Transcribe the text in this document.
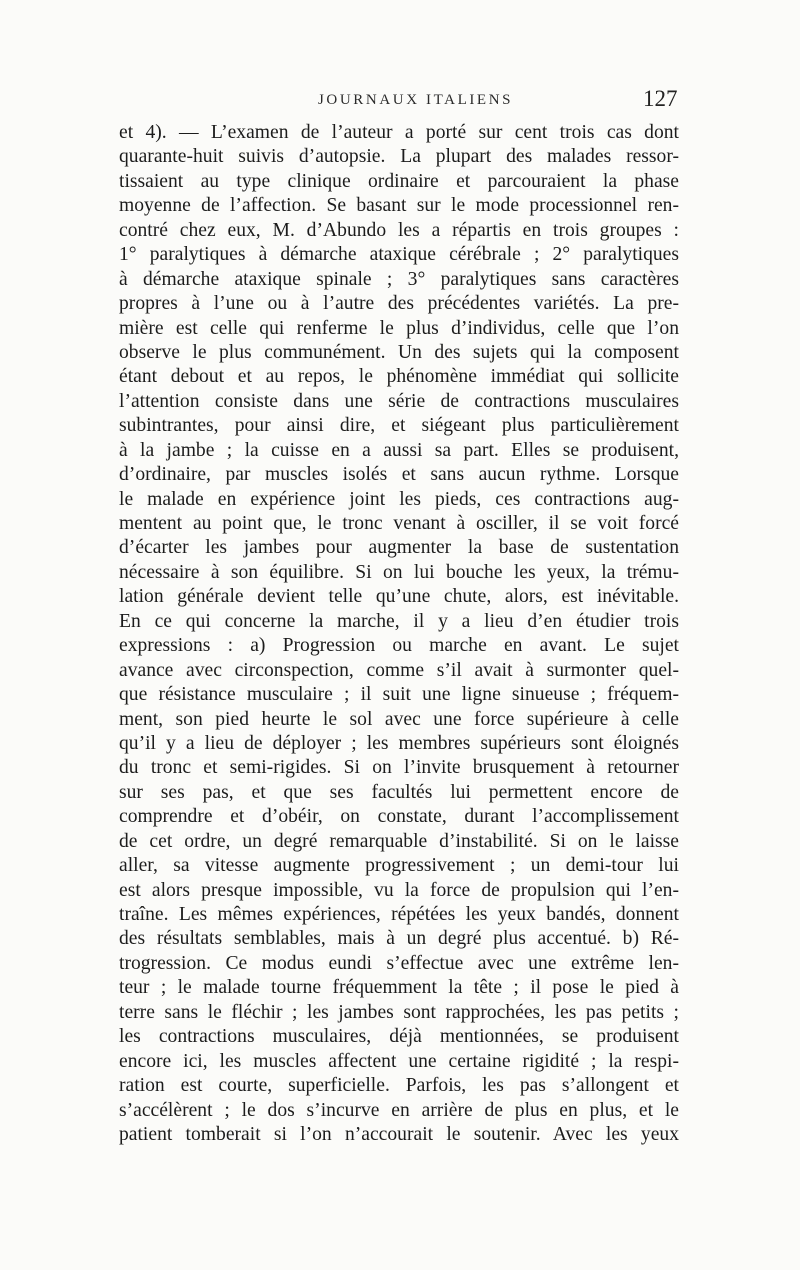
JOURNAUX ITALIENS	127
et 4). — L’examen de l’auteur a porté sur cent trois cas dont
quarante-huit suivis d’autopsie. La plupart des malades ressor-
tissaient au type clinique ordinaire et parcouraient la phase
moyenne de l’affection. Se basant sur le mode processionnel ren-
contré chez eux, M. d’Abundo les a répartis en trois groupes :
1° paralytiques à démarche ataxique cérébrale ; 2° paralytiques
à démarche ataxique spinale ; 3° paralytiques sans caractères
propres à l’une ou à l’autre des précédentes variétés. La pre-
mière est celle qui renferme le plus d’individus, celle que l’on
observe le plus communément. Un des sujets qui la composent
étant debout et au repos, le phénomène immédiat qui sollicite
l’attention consiste dans une série de contractions musculaires
subintrantes, pour ainsi dire, et siégeant plus particulièrement
à la jambe ; la cuisse en a aussi sa part. Elles se produisent,
d’ordinaire, par muscles isolés et sans aucun rythme. Lorsque
le malade en expérience joint les pieds, ces contractions aug-
mentent au point que, le tronc venant à osciller, il se voit forcé
d’écarter les jambes pour augmenter la base de sustentation
nécessaire à son équilibre. Si on lui bouche les yeux, la trému-
lation générale devient telle qu’une chute, alors, est inévitable.
En ce qui concerne la marche, il y a lieu d’en étudier trois
expressions : a) Progression ou marche en avant. Le sujet
avance avec circonspection, comme s’il avait à surmonter quel-
que résistance musculaire ; il suit une ligne sinueuse ; fréquem-
ment, son pied heurte le sol avec une force supérieure à celle
qu’il y a lieu de déployer ; les membres supérieurs sont éloignés
du tronc et semi-rigides. Si on l’invite brusquement à retourner
sur ses pas, et que ses facultés lui permettent encore de
comprendre et d’obéir, on constate, durant l’accomplissement
de cet ordre, un degré remarquable d’instabilité. Si on le laisse
aller, sa vitesse augmente progressivement ; un demi-tour lui
est alors presque impossible, vu la force de propulsion qui l’en-
traîne. Les mêmes expériences, répétées les yeux bandés, donnent
des résultats semblables, mais à un degré plus accentué. b) Ré-
trogression. Ce modus eundi s’effectue avec une extrême len-
teur ; le malade tourne fréquemment la tête ; il pose le pied à
terre sans le fléchir ; les jambes sont rapprochées, les pas petits ;
les contractions musculaires, déjà mentionnées, se produisent
encore ici, les muscles affectent une certaine rigidité ; la respi-
ration est courte, superficielle. Parfois, les pas s’allongent et
s’accélèrent ; le dos s’incurve en arrière de plus en plus, et le
patient tomberait si l’on n’accourait le soutenir. Avec les yeux
